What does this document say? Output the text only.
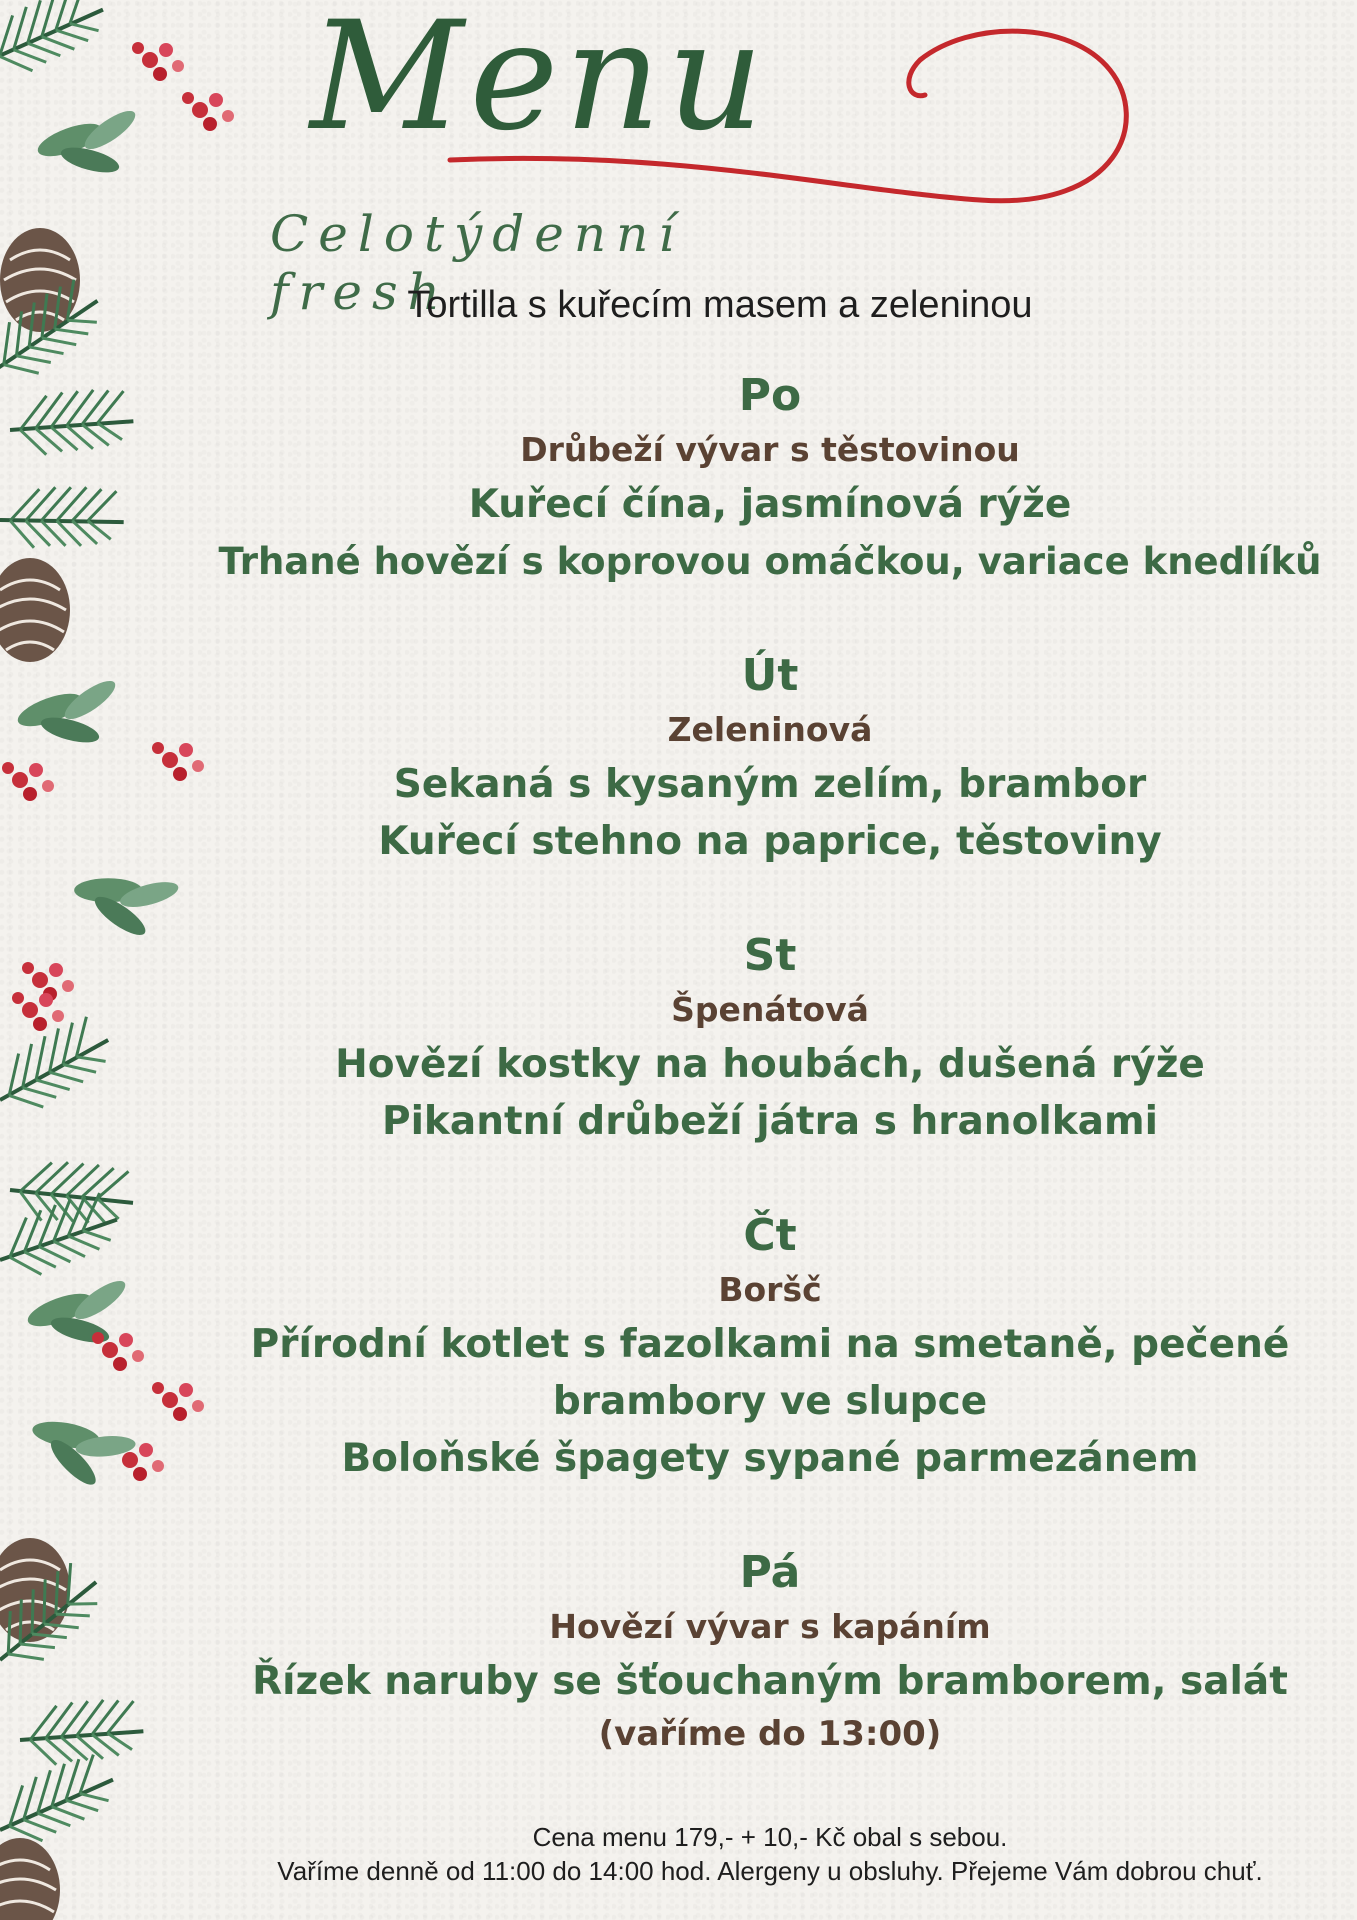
Menu
Celotýdenní fresh
Tortilla s kuřecím masem a zeleninou
Po
Drůbeží vývar s těstovinou
Kuřecí čína, jasmínová rýže
Trhané hovězí s koprovou omáčkou, variace knedlíků
Út
Zeleninová
Sekaná s kysaným zelím, brambor
Kuřecí stehno na paprice, těstoviny
St
Špenátová
Hovězí kostky na houbách, dušená rýže
Pikantní drůbeží játra s hranolkami
Čt
Boršč
Přírodní kotlet s fazolkami na smetaně, pečené
brambory ve slupce
Boloňské špagety sypané parmezánem
Pá
Hovězí vývar s kapáním
Řízek naruby se šťouchaným bramborem, salát
(vaříme do 13:00)
Cena menu 179,- + 10,- Kč obal s sebou.
Vaříme denně od 11:00 do 14:00 hod. Alergeny u obsluhy. Přejeme Vám dobrou chuť.
